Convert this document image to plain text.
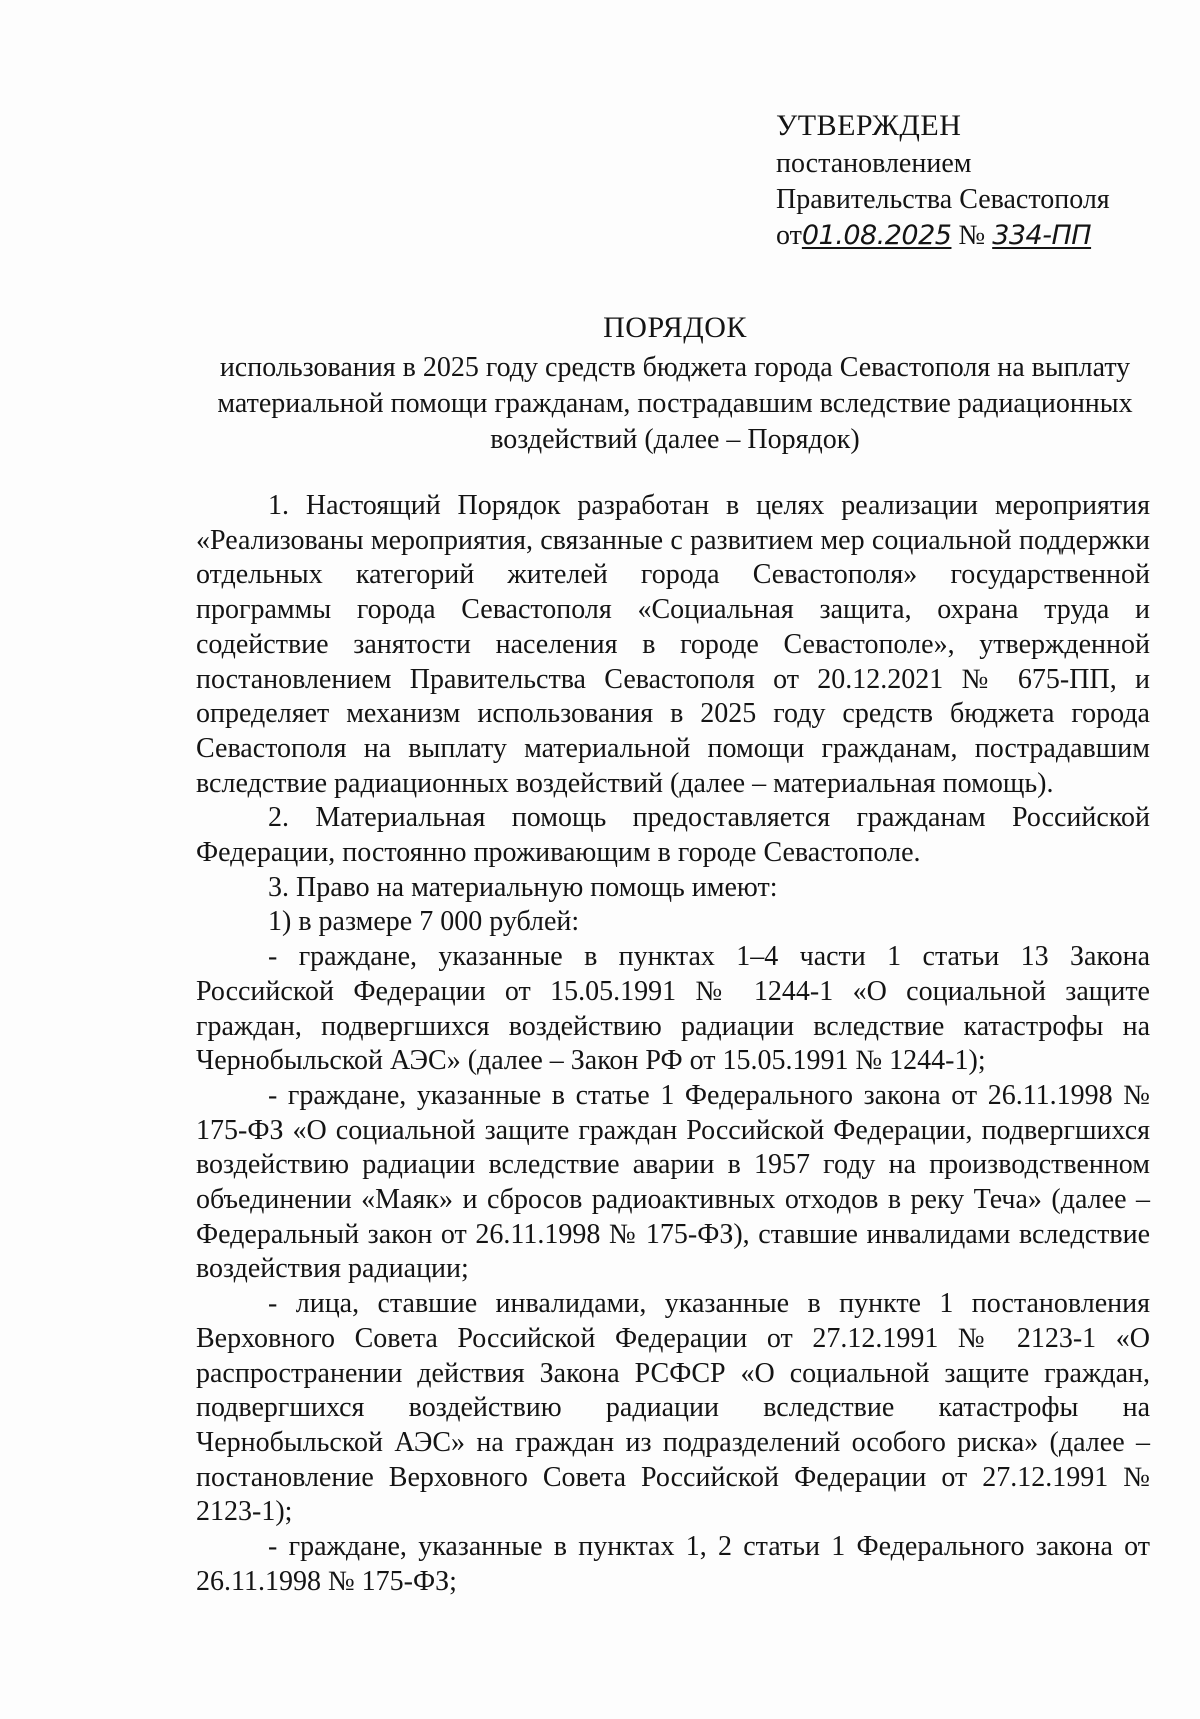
УТВЕРЖДЕН
постановлением
Правительства Севастополя
от01.08.2025 № 334-ПП
ПОРЯДОК
использования в 2025 году средств бюджета города Севастополя на выплату материальной помощи гражданам, пострадавшим вследствие радиационных воздействий (далее – Порядок)

1. Настоящий Порядок разработан в целях реализации мероприятия «Реализованы мероприятия, связанные с развитием мер социальной поддержки отдельных категорий жителей города Севастополя» государственной программы города Севастополя «Социальная защита, охрана труда и содействие занятости населения в городе Севастополе», утвержденной постановлением Правительства Севастополя от 20.12.2021 № 675-ПП, и определяет механизм использования в 2025 году средств бюджета города Севастополя на выплату материальной помощи гражданам, пострадавшим вследствие радиационных воздействий (далее – материальная помощь).

2. Материальная помощь предоставляется гражданам Российской Федерации, постоянно проживающим в городе Севастополе.

3. Право на материальную помощь имеют:

1) в размере 7 000 рублей:

- граждане, указанные в пунктах 1–4 части 1 статьи 13 Закона Российской Федерации от 15.05.1991 № 1244-1 «О социальной защите граждан, подвергшихся воздействию радиации вследствие катастрофы на Чернобыльской АЭС» (далее – Закон РФ от 15.05.1991 № 1244-1);

- граждане, указанные в статье 1 Федерального закона от 26.11.1998 № 175-ФЗ «О социальной защите граждан Российской Федерации, подвергшихся воздействию радиации вследствие аварии в 1957 году на производственном объединении «Маяк» и сбросов радиоактивных отходов в реку Теча» (далее – Федеральный закон от 26.11.1998 № 175-ФЗ), ставшие инвалидами вследствие воздействия радиации;

- лица, ставшие инвалидами, указанные в пункте 1 постановления Верховного Совета Российской Федерации от 27.12.1991 № 2123-1 «О распространении действия Закона РСФСР «О социальной защите граждан, подвергшихся воздействию радиации вследствие катастрофы на Чернобыльской АЭС» на граждан из подразделений особого риска» (далее – постановление Верховного Совета Российской Федерации от 27.12.1991 № 2123-1);

- граждане, указанные в пунктах 1, 2 статьи 1 Федерального закона от 26.11.1998 № 175-ФЗ;
